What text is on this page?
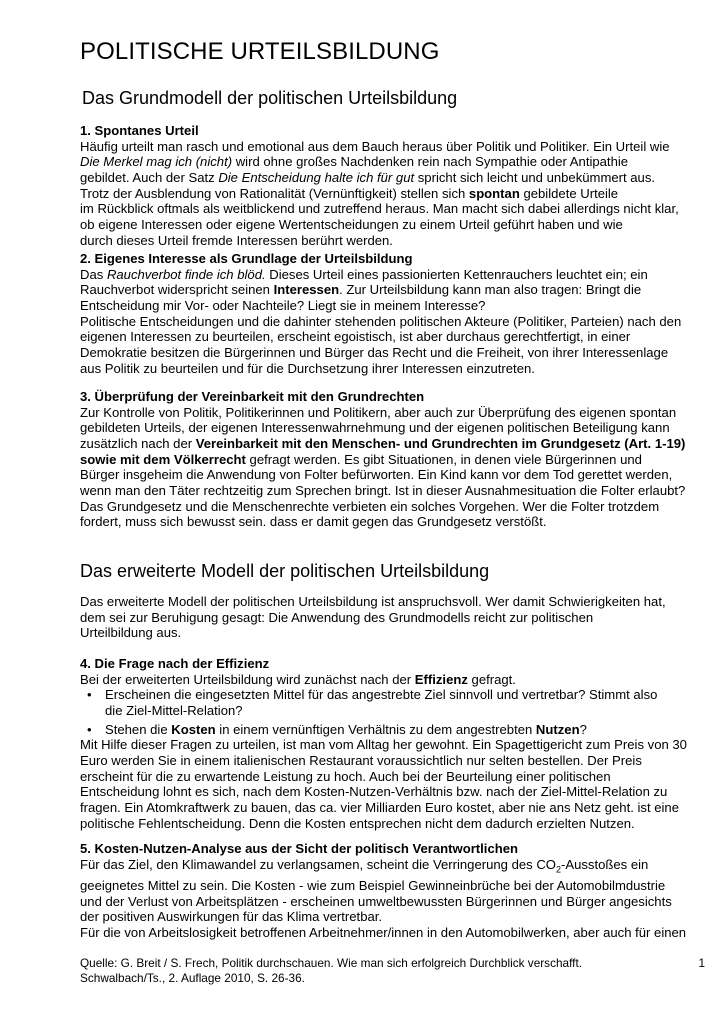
POLITISCHE URTEILSBILDUNG
Das Grundmodell der politischen Urteilsbildung
1. Spontanes Urteil
Häufig urteilt man rasch und emotional aus dem Bauch heraus über Politik und Politiker. Ein Urteil wie
Die Merkel mag ich (nicht) wird ohne großes Nachdenken rein nach Sympathie oder Antipathie
gebildet. Auch der Satz Die Entscheidung halte ich für gut spricht sich leicht und unbekümmert aus.
Trotz der Ausblendung von Rationalität (Vernünftigkeit) stellen sich spontan gebildete Urteile
im Rückblick oftmals als weitblickend und zutreffend heraus. Man macht sich dabei allerdings nicht klar,
ob eigene Interessen oder eigene Wertentscheidungen zu einem Urteil geführt haben und wie
durch dieses Urteil fremde Interessen berührt werden.
2. Eigenes Interesse als Grundlage der Urteilsbildung
Das Rauchverbot finde ich blöd. Dieses Urteil eines passionierten Kettenrauchers leuchtet ein; ein
Rauchverbot widerspricht seinen Interessen. Zur Urteilsbildung kann man also tragen: Bringt die
Entscheidung mir Vor- oder Nachteile? Liegt sie in meinem Interesse?
Politische Entscheidungen und die dahinter stehenden politischen Akteure (Politiker, Parteien) nach den
eigenen Interessen zu beurteilen, erscheint egoistisch, ist aber durchaus gerechtfertigt, in einer
Demokratie besitzen die Bürgerinnen und Bürger das Recht und die Freiheit, von ihrer Interessenlage
aus Politik zu beurteilen und für die Durchsetzung ihrer Interessen einzutreten.
3. Überprüfung der Vereinbarkeit mit den Grundrechten
Zur Kontrolle von Politik, Politikerinnen und Politikern, aber auch zur Überprüfung des eigenen spontan
gebildeten Urteils, der eigenen Interessenwahrnehmung und der eigenen politischen Beteiligung kann
zusätzlich nach der Vereinbarkeit mit den Menschen- und Grundrechten im Grundgesetz (Art. 1-19)
sowie mit dem Völkerrecht gefragt werden. Es gibt Situationen, in denen viele Bürgerinnen und
Bürger insgeheim die Anwendung von Folter befürworten. Ein Kind kann vor dem Tod gerettet werden,
wenn man den Täter rechtzeitig zum Sprechen bringt. Ist in dieser Ausnahmesituation die Folter erlaubt?
Das Grundgesetz und die Menschenrechte verbieten ein solches Vorgehen. Wer die Folter trotzdem
fordert, muss sich bewusst sein. dass er damit gegen das Grundgesetz verstößt.
Das erweiterte Modell der politischen Urteilsbildung
Das erweiterte Modell der politischen Urteilsbildung ist anspruchsvoll. Wer damit Schwierigkeiten hat,
dem sei zur Beruhigung gesagt: Die Anwendung des Grundmodells reicht zur politischen
Urteilbildung aus.
4. Die Frage nach der Effizienz
Bei der erweiterten Urteilsbildung wird zunächst nach der Effizienz gefragt.
• Erscheinen die eingesetzten Mittel für das angestrebte Ziel sinnvoll und vertretbar? Stimmt also
die Ziel-Mittel-Relation?
• Stehen die Kosten in einem vernünftigen Verhältnis zu dem angestrebten Nutzen?
Mit Hilfe dieser Fragen zu urteilen, ist man vom Alltag her gewohnt. Ein Spagettigericht zum Preis von 30
Euro werden Sie in einem italienischen Restaurant voraussichtlich nur selten bestellen. Der Preis
erscheint für die zu erwartende Leistung zu hoch. Auch bei der Beurteilung einer politischen
Entscheidung lohnt es sich, nach dem Kosten-Nutzen-Verhältnis bzw. nach der Ziel-Mittel-Relation zu
fragen. Ein Atomkraftwerk zu bauen, das ca. vier Milliarden Euro kostet, aber nie ans Netz geht. ist eine
politische Fehlentscheidung. Denn die Kosten entsprechen nicht dem dadurch erzielten Nutzen.
5. Kosten-Nutzen-Analyse aus der Sicht der politisch Verantwortlichen
Für das Ziel, den Klimawandel zu verlangsamen, scheint die Verringerung des $CO_2$-Ausstoßes ein
geeignetes Mittel zu sein. Die Kosten - wie zum Beispiel Gewinneinbrüche bei der Automobilmdustrie
und der Verlust von Arbeitsplätzen - erscheinen umweltbewussten Bürgerinnen und Bürger angesichts
der positiven Auswirkungen für das Klima vertretbar.
Für die von Arbeitslosigkeit betroffenen Arbeitnehmer/innen in den Automobilwerken, aber auch für einen
Quelle: G. Breit / S. Frech, Politik durchschauen. Wie man sich erfolgreich Durchblick verschafft.
Schwalbach/Ts., 2. Auflage 2010, S. 26-36.
1
